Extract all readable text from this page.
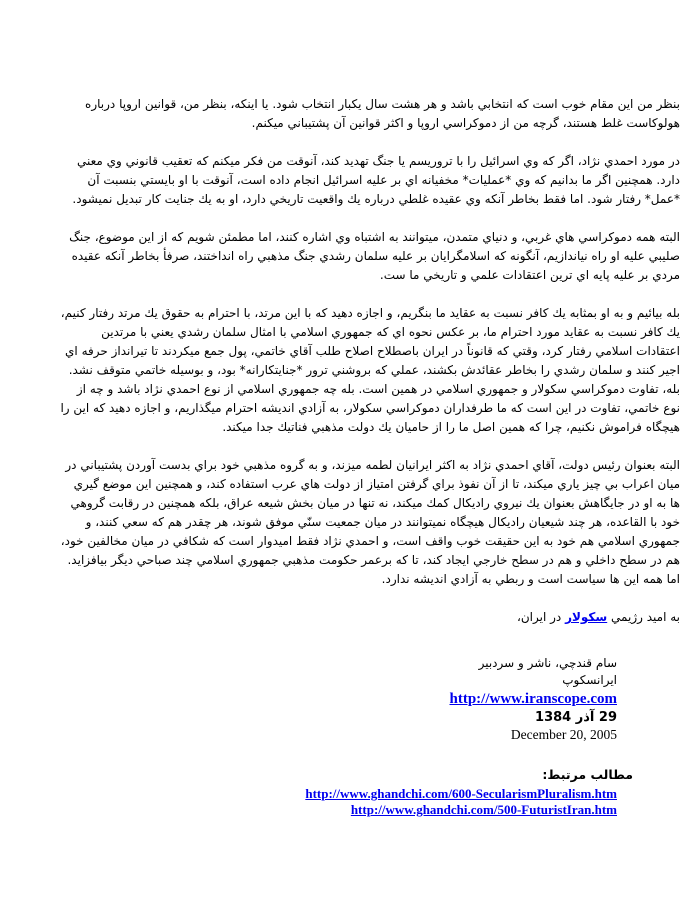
بنظر من اين مقام خوب است كه انتخابي باشد و هر هشت سال يكبار انتخاب شود. يا اينكه، بنظر من، قوانين اروپا درباره هولوكاست غلط هستند، گرچه من از دموكراسي اروپا و اكثر قوانين آن پشتيباني ميكنم.

در مورد احمدي نژاد، اگر كه وي اسرائيل را با تروريسم يا جنگ تهديد كند، آنوقت من فكر ميكنم كه تعقيب قانوني وي معني دارد. همچنين اگر ما بدانيم كه وي *عمليات* مخفيانه اي بر عليه اسرائيل انجام داده است، آنوقت با او بايستي بنسبت آن *عمل* رفتار شود. اما فقط بخاطر آنكه وي عقيده غلطي درباره يك واقعيت تاريخي دارد، او به يك جنايت كار تبديل نميشود.

البته همه دموكراسي هاي غربي، و دنياي متمدن، ميتوانند به اشتباه وي اشاره كنند، اما مطمئن شويم كه از اين موضوع، جنگ صليبي عليه او راه نياندازيم، آنگونه كه اسلامگرايان بر عليه سلمان رشدي جنگ مذهبي راه انداختند، صرفأ بخاطر آنكه عقيده مردي بر عليه پايه اي ترين اعتقادات علمي و تاريخي ما ست.

بله بيائيم و به او بمثابه يك كافر نسبت به عقايد ما بنگريم، و اجازه دهيد كه با اين مرتد، با احترام به حقوق يك مرتد رفتار كنيم، يك كافر نسبت به عقايد مورد احترام ما، بر عكس نحوه اي كه جمهوري اسلامي با امثال سلمان رشدي يعني با مرتدين اعتقادات اسلامي رفتار كرد، وقتي كه قانوناً در ايران باصطلاح اصلاح طلب آقاي خاتمي، پول جمع ميكردند تا تيرانداز حرفه اي اجير كنند و سلمان رشدي را بخاطر عقائدش بكشند، عملي كه بروشني ترور *جنايتكارانه* بود، و بوسيله خاتمي متوقف نشد. بله، تفاوت دموكراسي سكولار و جمهوري اسلامي در همين است. بله چه جمهوري اسلامي از نوع احمدي نژاد باشد و چه از نوع خاتمي، تفاوت در اين است كه ما طرفداران دموكراسي سكولار، به آزادي انديشه احترام ميگذاريم، و اجازه دهيد كه اين را هيچگاه فراموش نكنيم، چرا كه همين اصل ما را از حاميان يك دولت مذهبي فناتيك جدا ميكند.

البته بعنوان رئيس دولت، آقاي احمدي نژاد به اكثر ايرانيان لطمه ميزند، و به گروه مذهبي خود براي بدست آوردن پشتيباني در ميان اعراب بي چيز ياري ميكند، تا از آن نفوذ براي گرفتن امتياز از دولت هاي عرب استفاده كند، و همچنين اين موضع گيري ها به او در جايگاهش بعنوان يك نيروي راديكال كمك ميكند، نه تنها در ميان بخش شيعه عراق، بلكه همچنين در رقابت گروهي خود با القاعده، هر چند شيعيان راديكال هيچگاه نميتوانند در ميان جمعيت سنّي موفق شوند، هر چقدر هم كه سعي كنند، و جمهوري اسلامي هم خود به اين حقيقت خوب واقف است، و احمدي نژاد فقط اميدوار است كه شكافي در ميان مخالفين خود، هم در سطح داخلي و هم در سطح خارجي ايجاد كند، تا كه برعمر حكومت مذهبي جمهوري اسلامي چند صباحي ديگر بيافزايد. اما همه اين ها سياست است و ربطي به آزادي انديشه ندارد.

به اميد رژيمي سكولار در ايران،

سام قندچي، ناشر و سردبير
ايرانسكوپ
http://www.iranscope.com
29 آذر 1384
December 20, 2005
مطالب مرتبط:
http://www.ghandchi.com/600-SecularismPluralism.htm
http://www.ghandchi.com/500-FuturistIran.htm
